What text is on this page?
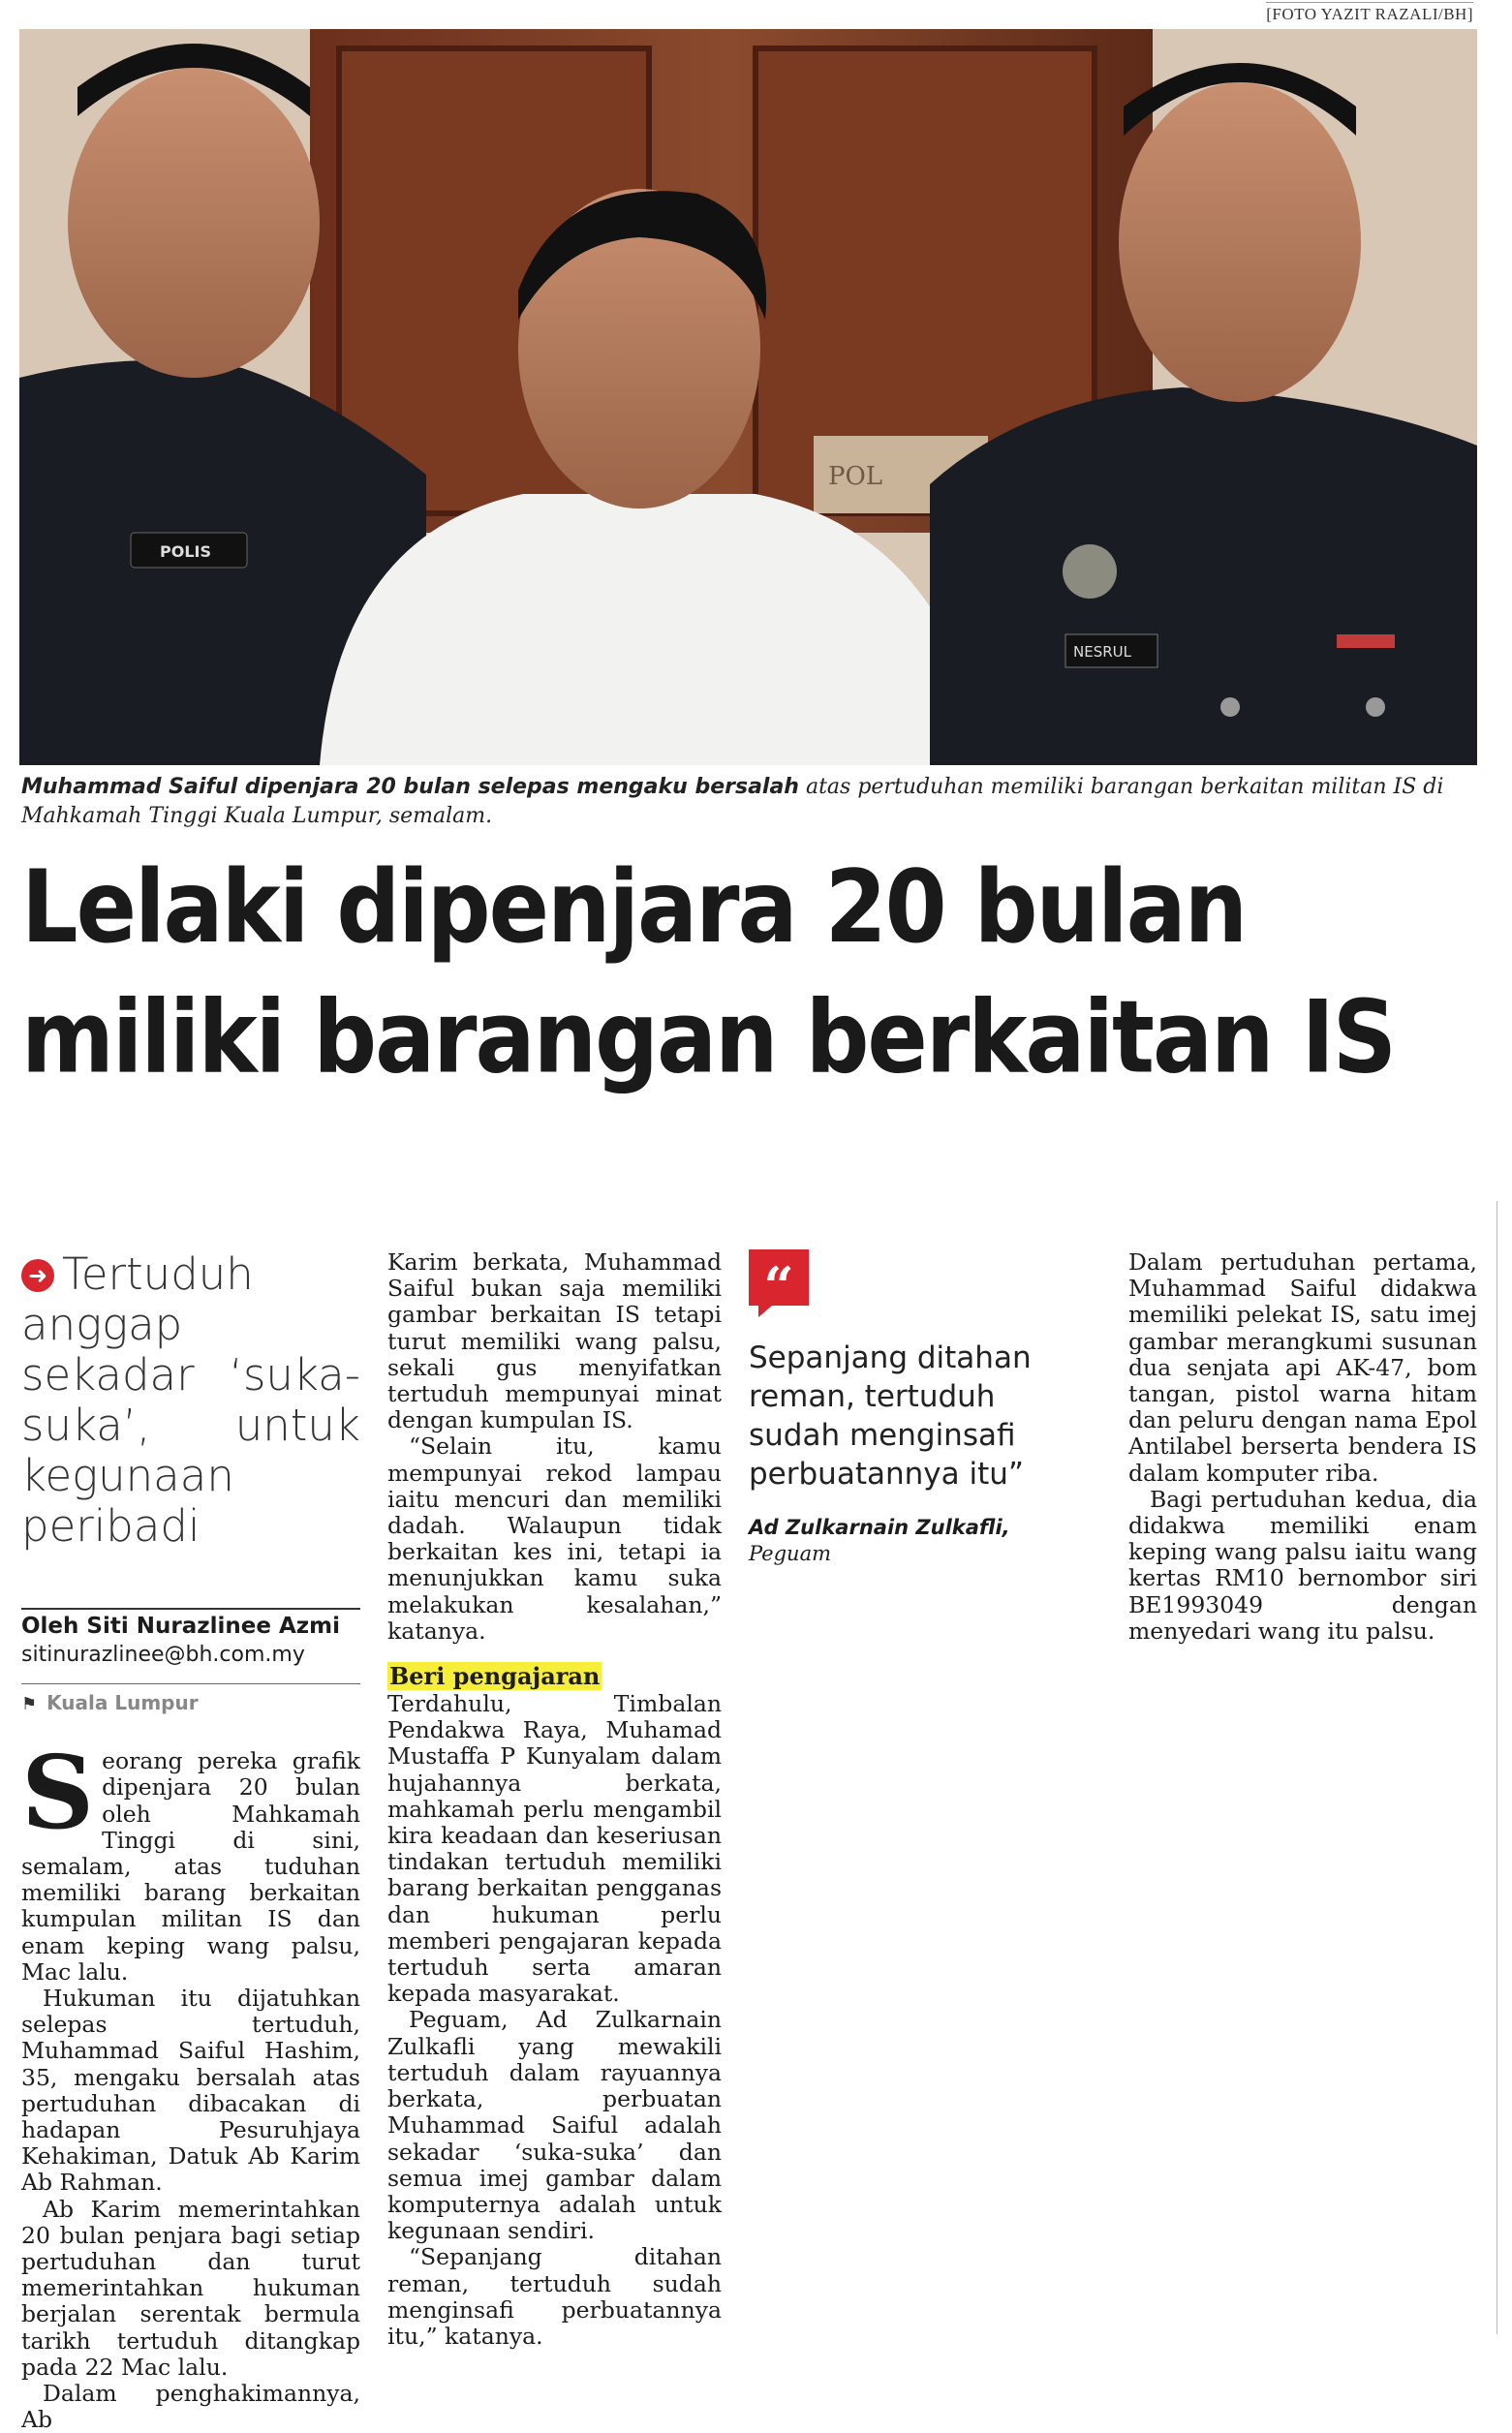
[FOTO YAZIT RAZALI/BH]
POL
POLIS
NESRUL
Muhammad Saiful dipenjara 20 bulan selepas mengaku bersalah atas pertuduhan memiliki barangan berkaitan militan IS di Mahkamah Tinggi Kuala Lumpur, semalam.
Lelaki dipenjara 20 bulan
miliki barangan berkaitan IS
➜ Tertuduh anggap sekadar ‘suka-suka’, untuk kegunaan peribadi
Oleh Siti Nurazlinee Azmi
sitinurazlinee@bh.com.my
⚑ Kuala Lumpur
S eorang pereka grafik dipenjara 20 bulan oleh Mahkamah Tinggi di sini, semalam, atas tuduhan memiliki barang berkaitan kumpulan militan IS dan enam keping wang palsu, Mac lalu.

Hukuman itu dijatuhkan selepas tertuduh, Muhammad Saiful Hashim, 35, mengaku bersalah atas pertuduhan dibacakan di hadapan Pesuruhjaya Kehakiman, Datuk Ab Karim Ab Rahman.

Ab Karim memerintahkan 20 bulan penjara bagi setiap pertuduhan dan turut memerintahkan hukuman berjalan serentak bermula tarikh tertuduh ditangkap pada 22 Mac lalu.

Dalam penghakimannya, Ab

Karim berkata, Muhammad Saiful bukan saja memiliki gambar berkaitan IS tetapi turut memiliki wang palsu, sekali gus menyifatkan tertuduh mempunyai minat dengan kumpulan IS.

“Selain itu, kamu mempunyai rekod lampau iaitu mencuri dan memiliki dadah. Walaupun tidak berkaitan kes ini, tetapi ia menunjukkan kamu suka melakukan kesalahan,” katanya.

Beri pengajaran

Terdahulu, Timbalan Pendakwa Raya, Muhamad Mustaffa P Kunyalam dalam hujahannya berkata, mahkamah perlu mengambil kira keadaan dan keseriusan tindakan tertuduh memiliki barang berkaitan pengganas dan hukuman perlu memberi pengajaran kepada tertuduh serta amaran kepada masyarakat.

Peguam, Ad Zulkarnain Zulkafli yang mewakili tertuduh dalam rayuannya berkata, perbuatan Muhammad Saiful adalah sekadar ‘suka-suka’ dan semua imej gambar dalam komputernya adalah untuk kegunaan sendiri.

“Sepanjang ditahan reman, tertuduh sudah menginsafi perbuatannya itu,” katanya.

“
Sepanjang ditahan reman, tertuduh sudah menginsafi perbuatannya itu”
Ad Zulkarnain Zulkafli,
Peguam

Dalam pertuduhan pertama, Muhammad Saiful didakwa memiliki pelekat IS, satu imej gambar merangkumi susunan dua senjata api AK-47, bom tangan, pistol warna hitam dan peluru dengan nama Epol Antilabel berserta bendera IS dalam komputer riba.

Bagi pertuduhan kedua, dia didakwa memiliki enam keping wang palsu iaitu wang kertas RM10 bernombor siri BE1993049 dengan menyedari wang itu palsu.
